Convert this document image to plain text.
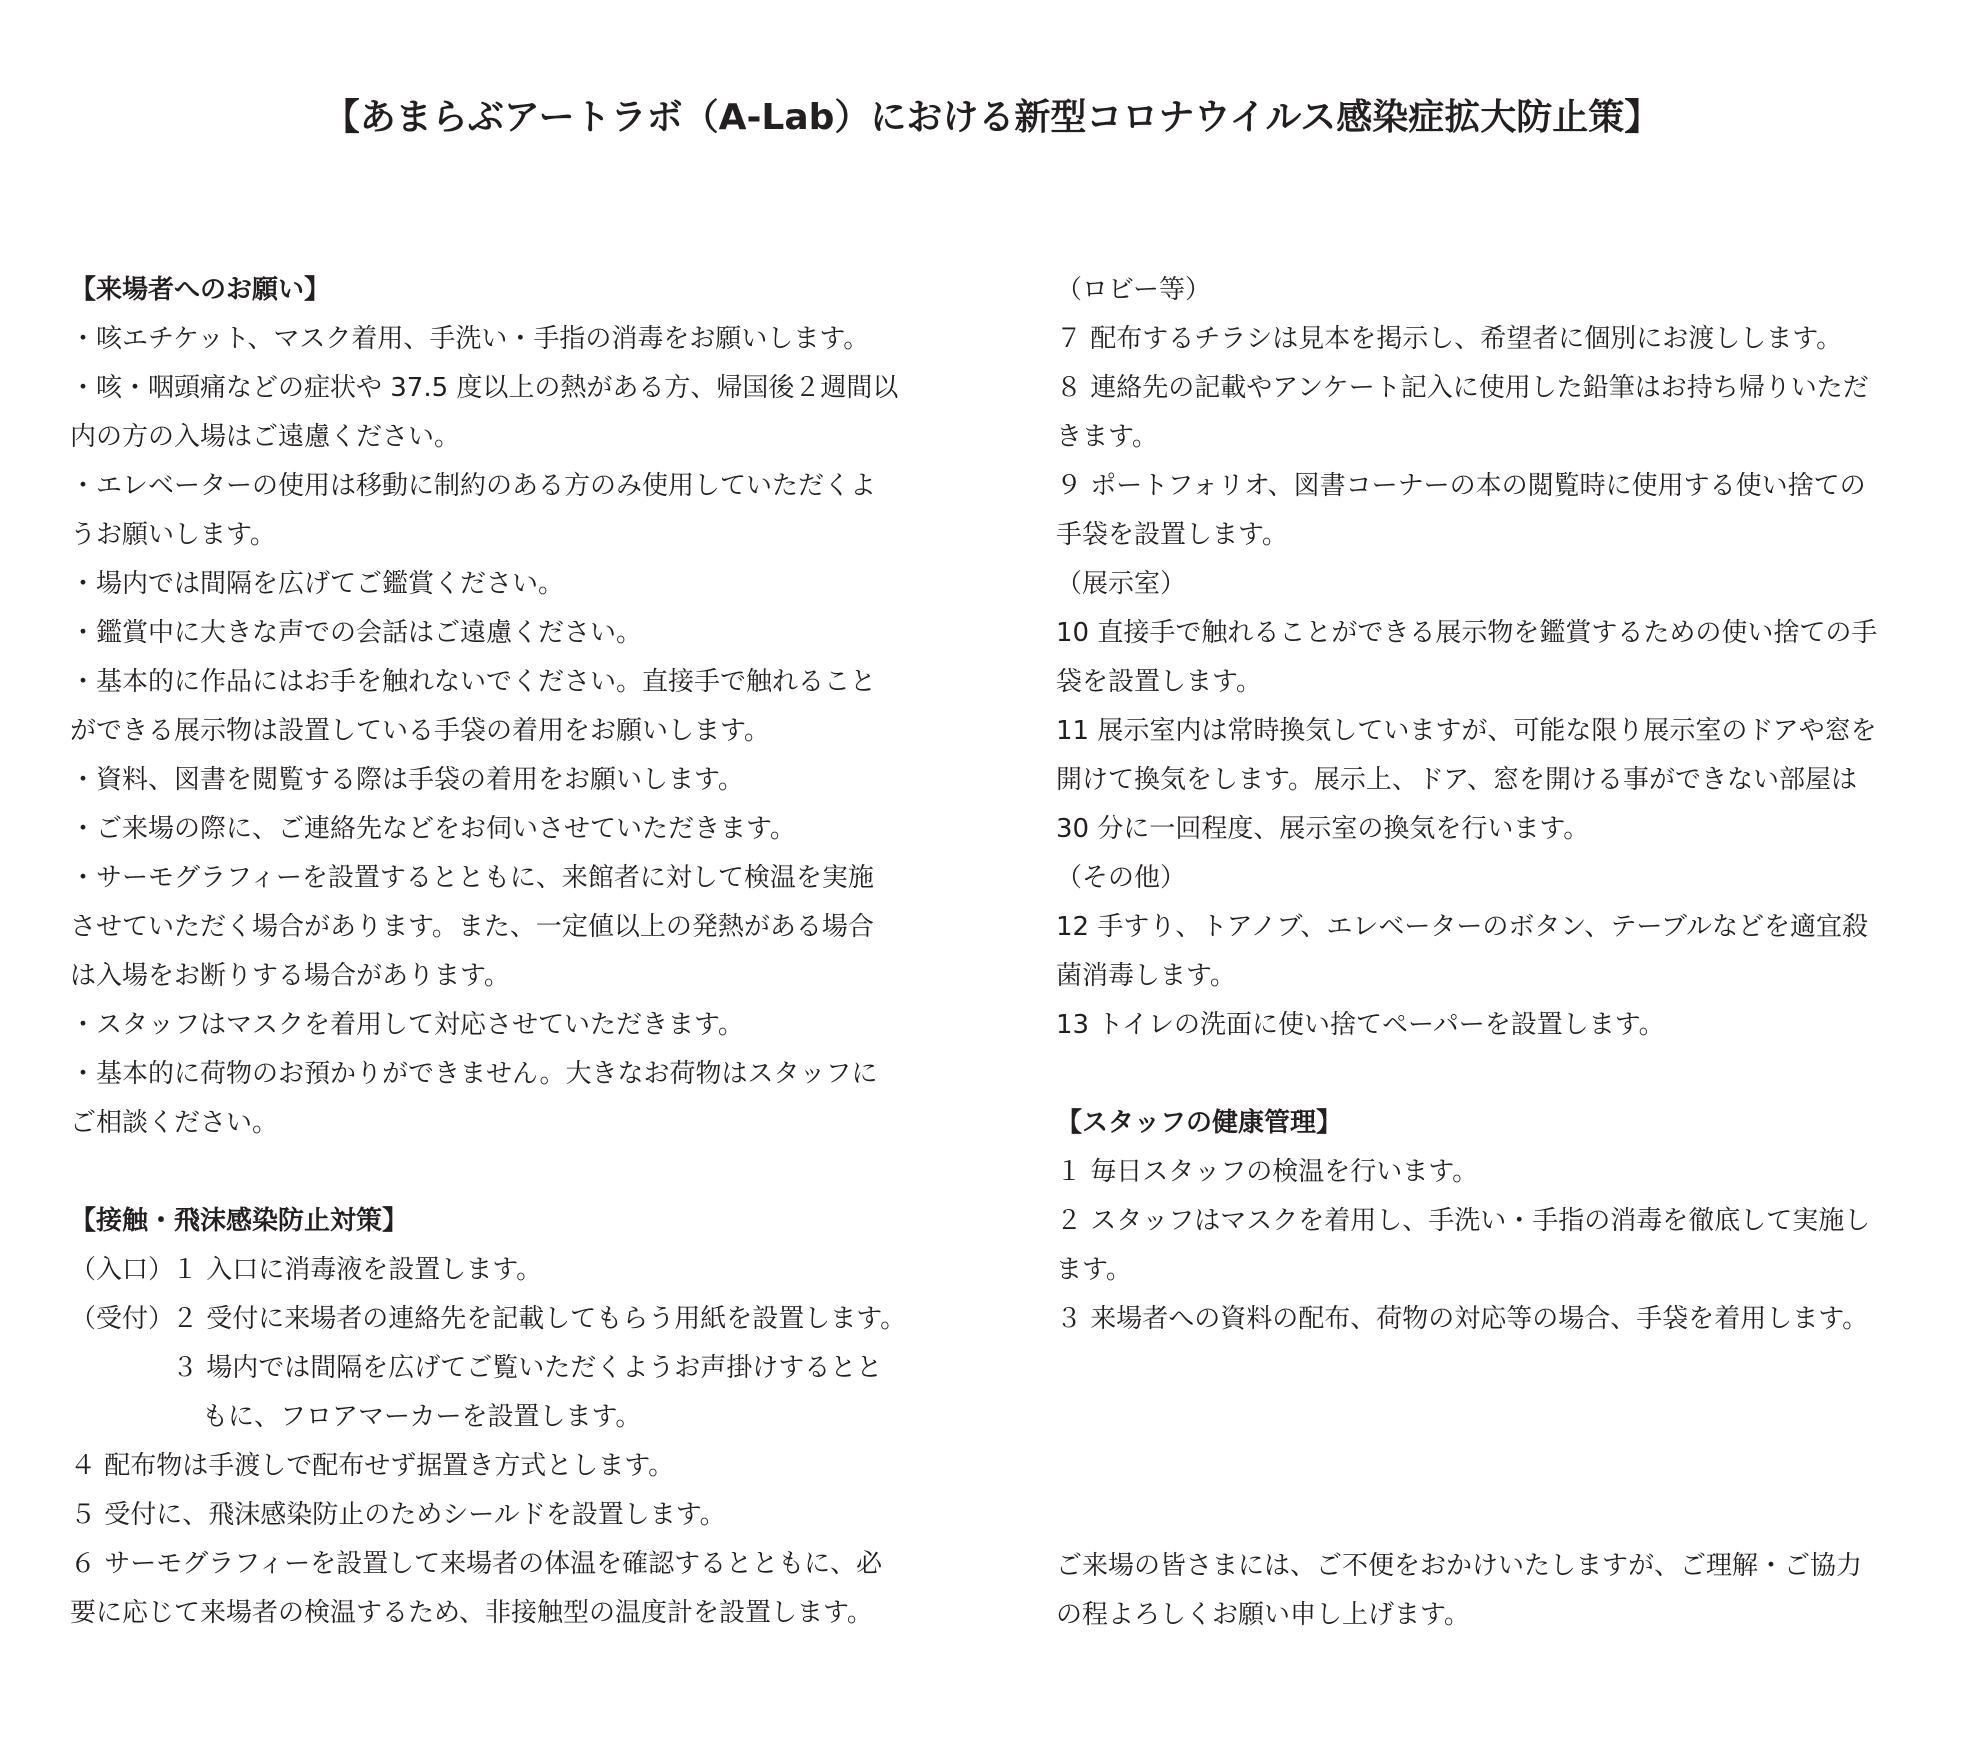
【あまらぶアートラボ（A-Lab）における新型コロナウイルス感染症拡大防止策】
【来場者へのお願い】
・咳エチケット、マスク着用、手洗い・手指の消毒をお願いします。
・咳・咽頭痛などの症状や 37.5 度以上の熱がある方、帰国後２週間以
内の方の入場はご遠慮ください。
・エレベーターの使用は移動に制約のある方のみ使用していただくよ
うお願いします。
・場内では間隔を広げてご鑑賞ください。
・鑑賞中に大きな声での会話はご遠慮ください。
・基本的に作品にはお手を触れないでください。直接手で触れること
ができる展示物は設置している手袋の着用をお願いします。
・資料、図書を閲覧する際は手袋の着用をお願いします。
・ご来場の際に、ご連絡先などをお伺いさせていただきます。
・サーモグラフィーを設置するとともに、来館者に対して検温を実施
させていただく場合があります。また、一定値以上の発熱がある場合
は入場をお断りする場合があります。
・スタッフはマスクを着用して対応させていただきます。
・基本的に荷物のお預かりができません。大きなお荷物はスタッフに
ご相談ください。
【接触・飛沫感染防止対策】
（入口）１ 入口に消毒液を設置します。
（受付）２ 受付に来場者の連絡先を記載してもらう用紙を設置します。
３ 場内では間隔を広げてご覧いただくようお声掛けするとと
もに、フロアマーカーを設置します。
４ 配布物は手渡しで配布せず据置き方式とします。
５ 受付に、飛沫感染防止のためシールドを設置します。
６ サーモグラフィーを設置して来場者の体温を確認するとともに、必
要に応じて来場者の検温するため、非接触型の温度計を設置します。
（ロビー等）
７ 配布するチラシは見本を掲示し、希望者に個別にお渡しします。
８ 連絡先の記載やアンケート記入に使用した鉛筆はお持ち帰りいただ
きます。
９ ポートフォリオ、図書コーナーの本の閲覧時に使用する使い捨ての
手袋を設置します。
（展示室）
10 直接手で触れることができる展示物を鑑賞するための使い捨ての手
袋を設置します。
11 展示室内は常時換気していますが、可能な限り展示室のドアや窓を
開けて換気をします。展示上、ドア、窓を開ける事ができない部屋は
30 分に一回程度、展示室の換気を行います。
（その他）
12 手すり、トアノブ、エレベーターのボタン、テーブルなどを適宜殺
菌消毒します。
13 トイレの洗面に使い捨てペーパーを設置します。
【スタッフの健康管理】
１ 毎日スタッフの検温を行います。
２ スタッフはマスクを着用し、手洗い・手指の消毒を徹底して実施し
ます。
３ 来場者への資料の配布、荷物の対応等の場合、手袋を着用します。
ご来場の皆さまには、ご不便をおかけいたしますが、ご理解・ご協力
の程よろしくお願い申し上げます。
